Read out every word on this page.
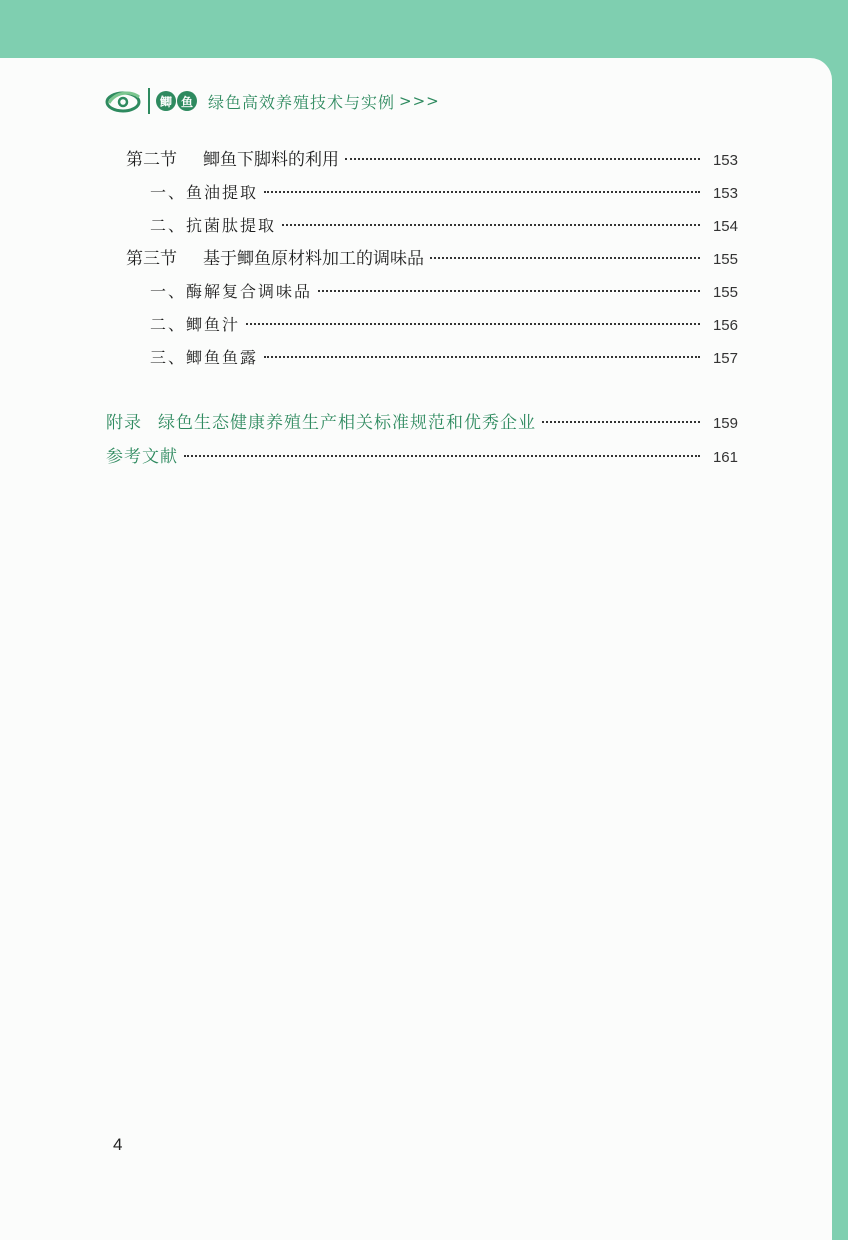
鲫 鱼 绿色高效养殖技术与实例 >>>
第二节 鲫鱼下脚料的利用	153
一、鱼油提取	153
二、抗菌肽提取	154
第三节 基于鲫鱼原材料加工的调味品	155
一、酶解复合调味品	155
二、鲫鱼汁	156
三、鲫鱼鱼露	157
附录 绿色生态健康养殖生产相关标准规范和优秀企业	159
参考文献	161
4
